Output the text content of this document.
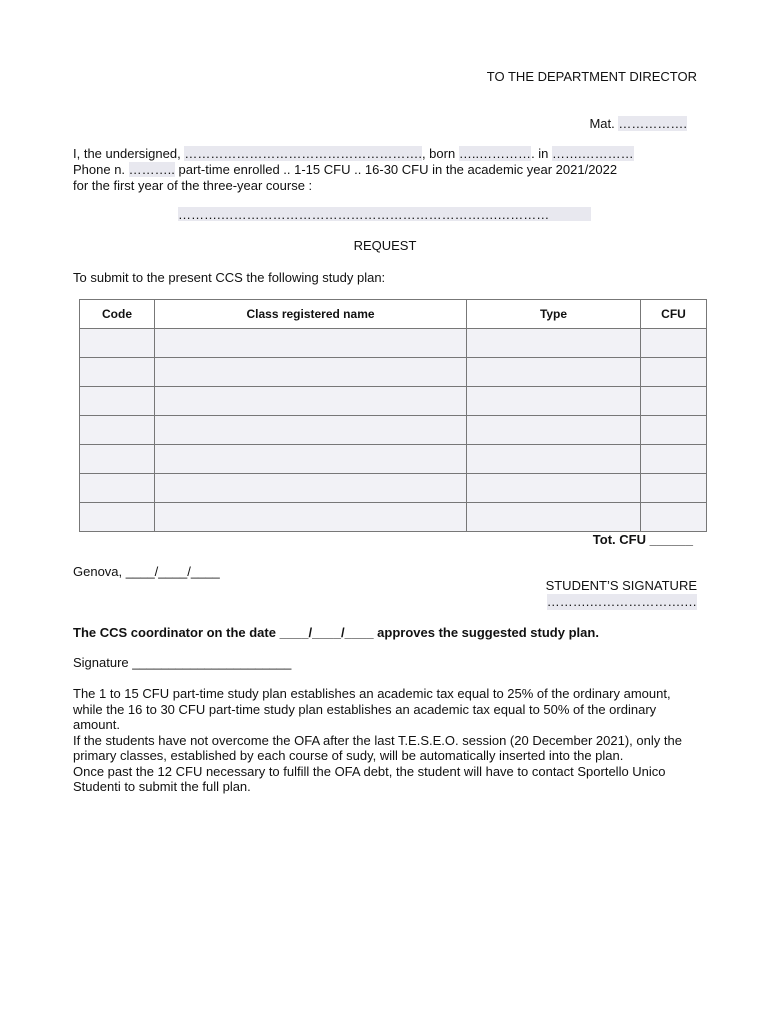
TO THE DEPARTMENT DIRECTOR
Mat. …………….
I, the undersigned, ………………………………………………., born …..…………. in …….…………
Phone n. ……….. part-time enrolled .. 1-15 CFU .. 16-30 CFU in the academic year 2021/2022
for the first year of the three-year course :
……….……………………………………………………….…………
REQUEST
To submit to the present CCS the following study plan:
Code	Class registered name	Type	CFU

Tot. CFU ______
Genova, ____/____/____
STUDENT’S SIGNATURE
……….………………….…
The CCS coordinator on the date ____/____/____ approves the suggested study plan.
Signature ______________________

The 1 to 15 CFU part-time study plan establishes an academic tax equal to 25% of the ordinary amount, while the 16 to 30 CFU part-time study plan establishes an academic tax equal to 50% of the ordinary amount.

If the students have not overcome the OFA after the last T.E.S.E.O. session (20 December 2021), only the primary classes, established by each course of sudy, will be automatically inserted into the plan.

Once past the 12 CFU necessary to fulfill the OFA debt, the student will have to contact Sportello Unico Studenti to submit the full plan.
